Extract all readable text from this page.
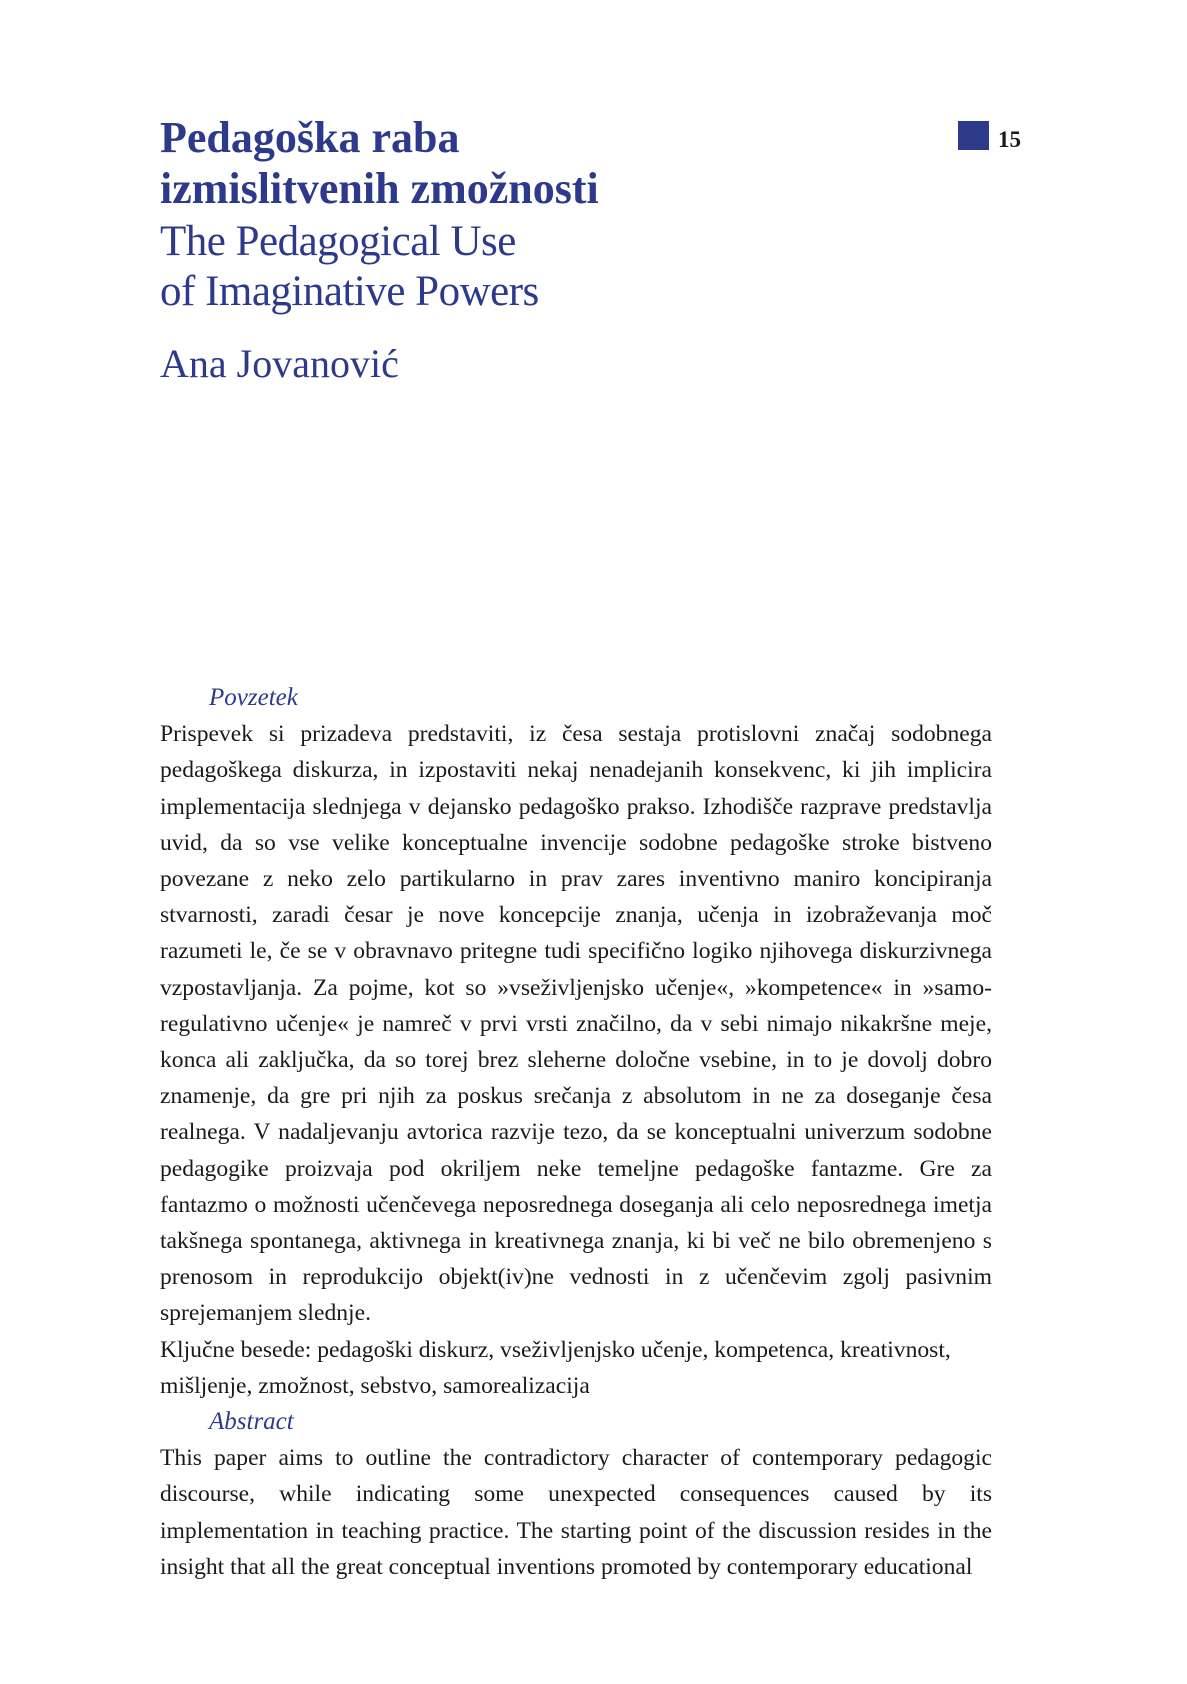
Pedagoška raba
izmislitvenih zmožnosti
The Pedagogical Use
of Imaginative Powers
Ana Jovanović
15
Povzetek

Prispevek si prizadeva predstaviti, iz česa sestaja protislovni značaj sodobnega pedagoškega diskurza, in izpostaviti nekaj nenadejanih konsekvenc, ki jih implicira implementacija slednjega v dejansko pedagoško prakso. Izhodišče razprave predstavlja uvid, da so vse velike konceptualne invencije sodobne pedagoške stroke bistveno povezane z neko zelo partikularno in prav zares inventivno maniro koncipiranja stvarnosti, zaradi česar je nove koncepcije znanja, učenja in izobraževanja moč razumeti le, če se v obravnavo pritegne tudi specifično logiko njihovega diskurzivnega vzpostavljanja. Za pojme, kot so »vseživljenjsko učenje«, »kompetence« in »samo-regulativno učenje« je namreč v prvi vrsti značilno, da v sebi nimajo nikakršne meje, konca ali zaključka, da so torej brez sleherne določne vsebine, in to je dovolj dobro znamenje, da gre pri njih za poskus srečanja z absolutom in ne za doseganje česa realnega. V nadaljevanju avtorica razvije tezo, da se konceptualni univerzum sodobne pedagogike proizvaja pod okriljem neke temeljne pedagoške fantazme. Gre za fantazmo o možnosti učenčevega neposrednega doseganja ali celo neposrednega imetja takšnega spontanega, aktivnega in kreativnega znanja, ki bi več ne bilo obremenjeno s prenosom in reprodukcijo objekt(iv)ne vednosti in z učenčevim zgolj pasivnim sprejemanjem slednje.

Ključne besede: pedagoški diskurz, vseživljenjsko učenje, kompetenca, kreativnost, mišljenje, zmožnost, sebstvo, samorealizacija

Abstract

This paper aims to outline the contradictory character of contemporary pedagogic discourse, while indicating some unexpected consequences caused by its implementation in teaching practice. The starting point of the discussion resides in the insight that all the great conceptual inventions promoted by contemporary educational
